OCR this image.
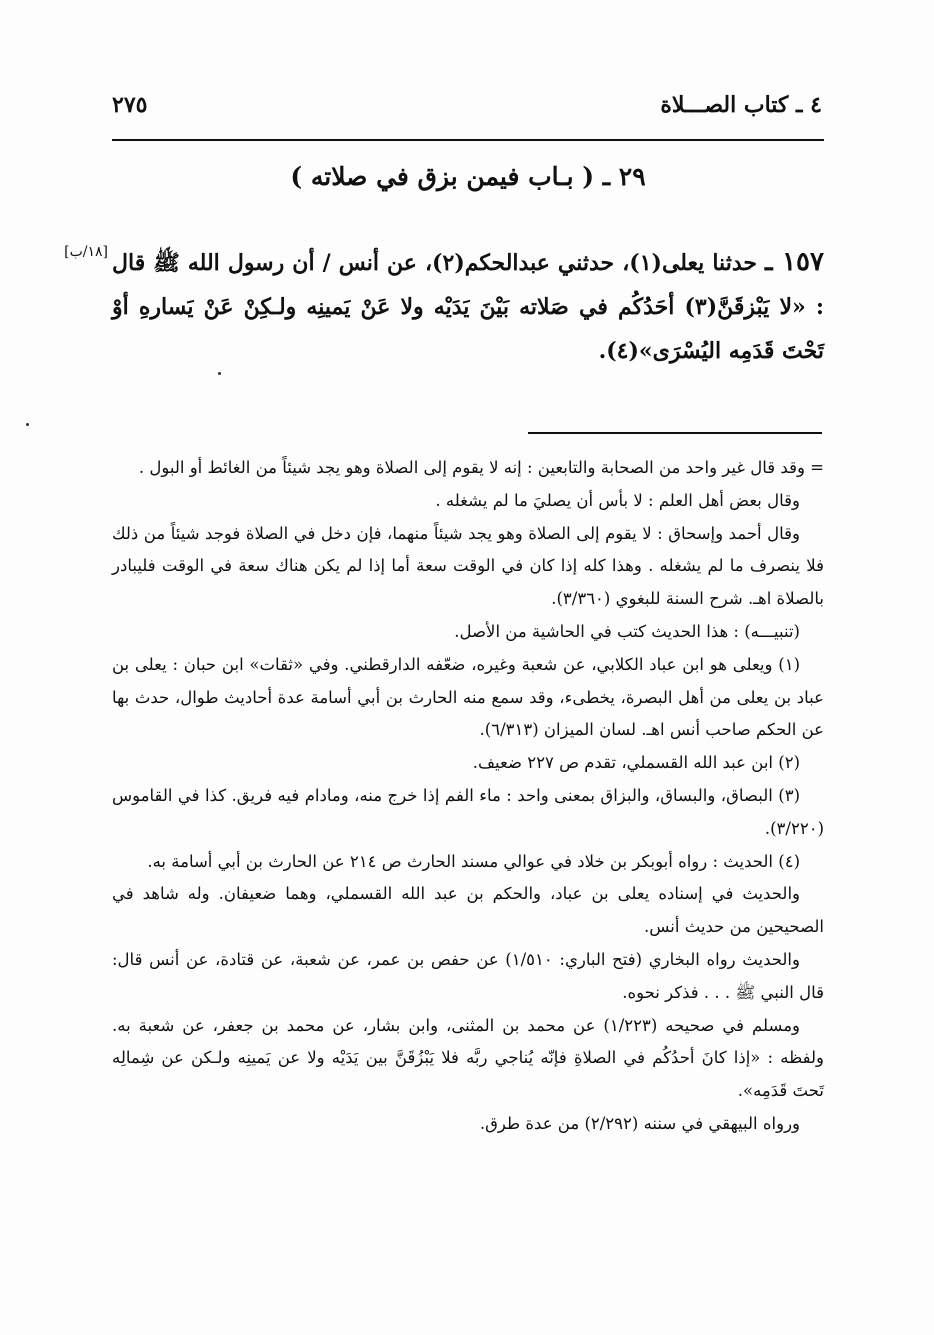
٤ ـ كتاب الصـــلاة
٢٧٥
٢٩ ـ ( بـاب فيمن بزق في صلاته )
[١٨/ب]	١٥٧ ـ حدثنا يعلى(١)، حدثني عبدالحكم(٢)، عن أنس / أن رسول الله ﷺ قال : «لا يَبْزقَنَّ(٣) أحَدُكُم في صَلاته بَيْنَ يَدَيْه ولا عَنْ يَمينِه ولـكِنْ عَنْ يَسارهِ أوْ تَحْتَ قَدَمِه اليُسْرَى»(٤).

= وقد قال غير واحد من الصحابة والتابعين : إنه لا يقوم إلى الصلاة وهو يجد شيئاً من الغائط أو البول .

وقال بعض أهل العلم : لا بأس أن يصليَ ما لم يشغله .

وقال أحمد وإسحاق : لا يقوم إلى الصلاة وهو يجد شيئاً منهما، فإن دخل في الصلاة فوجد شيئاً من ذلك فلا ينصرف ما لم يشغله . وهذا كله إذا كان في الوقت سعة أما إذا لم يكن هناك سعة في الوقت فليبادر بالصلاة اهـ. شرح السنة للبغوي (٣/٣٦٠).

(تنبيـــه) : هذا الحديث كتب في الحاشية من الأصل.

(١) ويعلى هو ابن عباد الكلابي، عن شعبة وغيره، ضعّفه الدارقطني. وفي «ثقات» ابن حبان : يعلى بن عباد بن يعلى من أهل البصرة، يخطىء، وقد سمع منه الحارث بن أبي أسامة عدة أحاديث طوال، حدث بها عن الحكم صاحب أنس اهـ. لسان الميزان (٦/٣١٣).

(٢) ابن عبد الله القسملي، تقدم ص ٢٢٧ ضعيف.

(٣) البصاق، والبساق، والبزاق بمعنى واحد : ماء الفم إذا خرج منه، ومادام فيه فريق. كذا في القاموس (٣/٢٢٠).

(٤) الحديث : رواه أبوبكر بن خلاد في عوالي مسند الحارث ص ٢١٤ عن الحارث بن أبي أسامة به.

والحديث في إسناده يعلى بن عباد، والحكم بن عبد الله القسملي، وهما ضعيفان. وله شاهد في الصحيحين من حديث أنس.

والحديث رواه البخاري (فتح الباري: ١/٥١٠) عن حفص بن عمر، عن شعبة، عن قتادة، عن أنس قال: قال النبي ﷺ . . . فذكر نحوه.

ومسلم في صحيحه (١/٢٢٣) عن محمد بن المثنى، وابن بشار، عن محمد بن جعفر، عن شعبة به. ولفظه : «إذا كانَ أحدُكُم في الصلاةِ فإنّه يُناجي ربَّه فلا يَبْزُقَنَّ بين يَدَيْه ولا عن يَمينِه ولـكن عن شِمالِه تَحتَ قَدَمِه».

ورواه البيهقي في سننه (٢/٢٩٢) من عدة طرق.
